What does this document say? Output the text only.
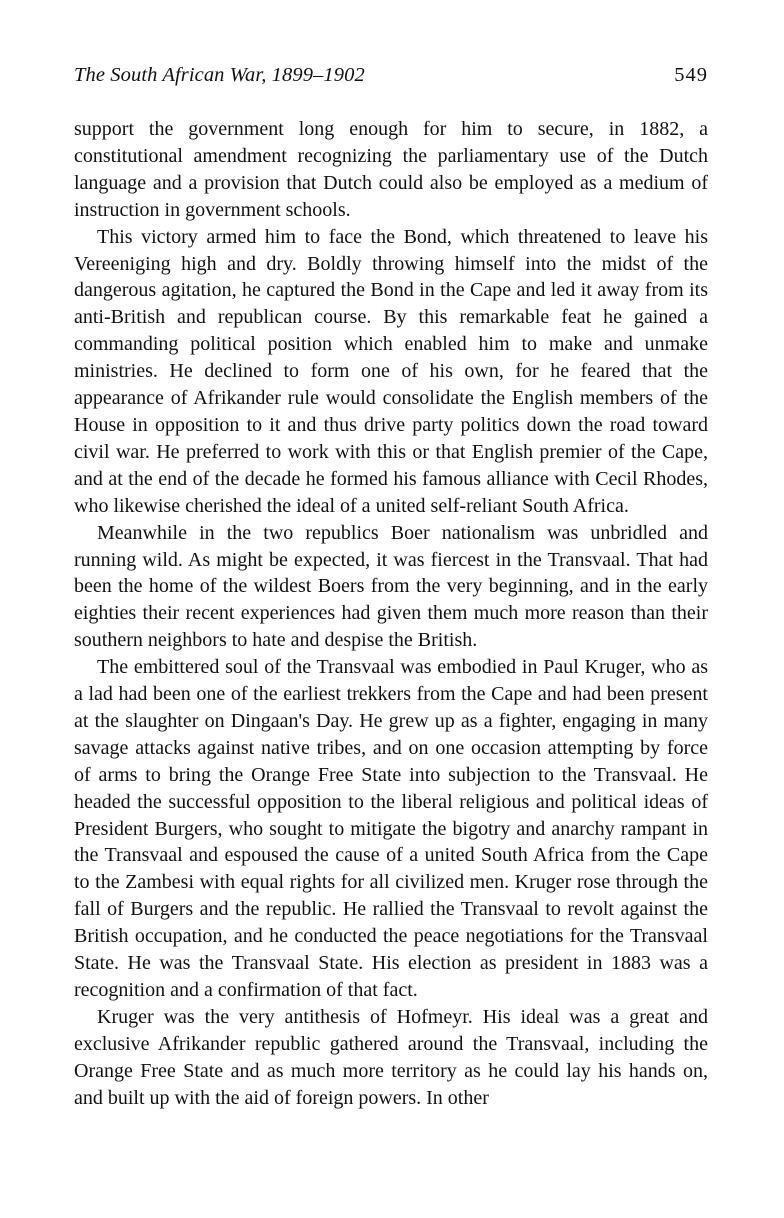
The South African War, 1899–1902	549

support the government long enough for him to secure, in 1882, a constitutional amendment recognizing the parliamentary use of the Dutch language and a provision that Dutch could also be employed as a medium of instruction in government schools.

This victory armed him to face the Bond, which threatened to leave his Vereeniging high and dry. Boldly throwing himself into the midst of the dangerous agitation, he captured the Bond in the Cape and led it away from its anti-British and republican course. By this remarkable feat he gained a commanding political position which enabled him to make and unmake ministries. He declined to form one of his own, for he feared that the appearance of Afrikander rule would consolidate the English members of the House in opposition to it and thus drive party politics down the road toward civil war. He preferred to work with this or that English premier of the Cape, and at the end of the decade he formed his famous alliance with Cecil Rhodes, who likewise cherished the ideal of a united self-reliant South Africa.

Meanwhile in the two republics Boer nationalism was unbridled and running wild. As might be expected, it was fiercest in the Transvaal. That had been the home of the wildest Boers from the very beginning, and in the early eighties their recent experiences had given them much more reason than their southern neighbors to hate and despise the British.

The embittered soul of the Transvaal was embodied in Paul Kruger, who as a lad had been one of the earliest trekkers from the Cape and had been present at the slaughter on Dingaan's Day. He grew up as a fighter, engaging in many savage attacks against native tribes, and on one occasion attempting by force of arms to bring the Orange Free State into subjection to the Transvaal. He headed the successful opposition to the liberal religious and political ideas of President Burgers, who sought to mitigate the bigotry and anarchy rampant in the Transvaal and espoused the cause of a united South Africa from the Cape to the Zambesi with equal rights for all civilized men. Kruger rose through the fall of Burgers and the republic. He rallied the Transvaal to revolt against the British occupation, and he conducted the peace negotiations for the Transvaal State. He was the Transvaal State. His election as president in 1883 was a recognition and a confirmation of that fact.

Kruger was the very antithesis of Hofmeyr. His ideal was a great and exclusive Afrikander republic gathered around the Transvaal, including the Orange Free State and as much more territory as he could lay his hands on, and built up with the aid of foreign powers. In other
